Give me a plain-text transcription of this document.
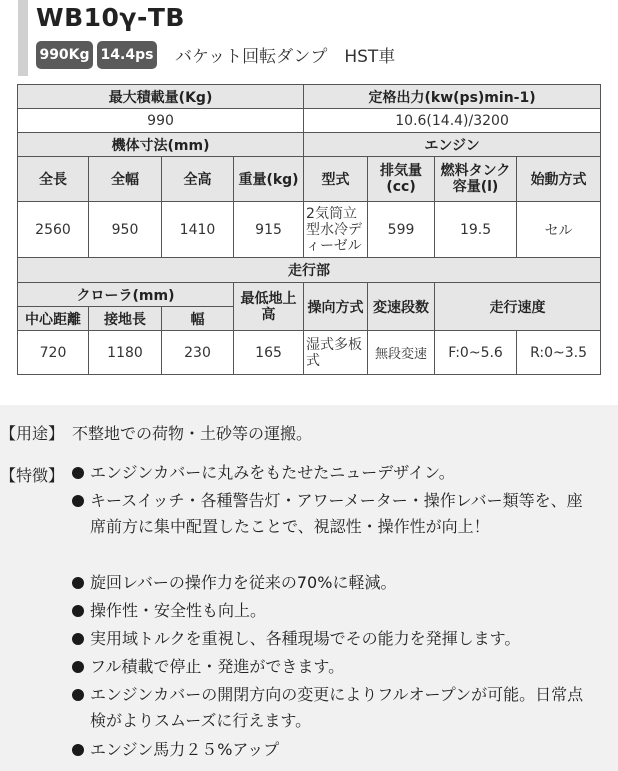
WB10γ-TB
990Kg 14.4ps バケット回転ダンプ　HST車
最大積載量(Kg)				定格出力(kw(ps)min-1)			
990				10.6(14.4)/3200			
機体寸法(mm)				エンジン			
全長	全幅	全高	重量(kg)	型式	排気量(cc)	燃料タンク容量(l)	始動方式
2560	950	1410	915	2気筒立型水冷ディーゼル	599	19.5	セル
走行部							
クローラ(mm)			最低地上高	操向方式	変速段数	走行速度	
中心距離	接地長	幅					
720	1180	230	165	湿式多板式	無段変速	F:0~5.6	R:0~3.5
【用途】 不整地での荷物・土砂等の運搬。
【特徴】 エンジンカバーに丸みをもたせたニューデザイン。
キースイッチ・各種警告灯・アワーメーター・操作レバー類等を、座席前方に集中配置したことで、視認性・操作性が向上！
旋回レバーの操作力を従来の70%に軽減。
操作性・安全性も向上。
実用域トルクを重視し、各種現場でその能力を発揮します。
フル積載で停止・発進ができます。
エンジンカバーの開閉方向の変更によりフルオープンが可能。日常点検がよりスムーズに行えます。
エンジン馬力２５%アップ
